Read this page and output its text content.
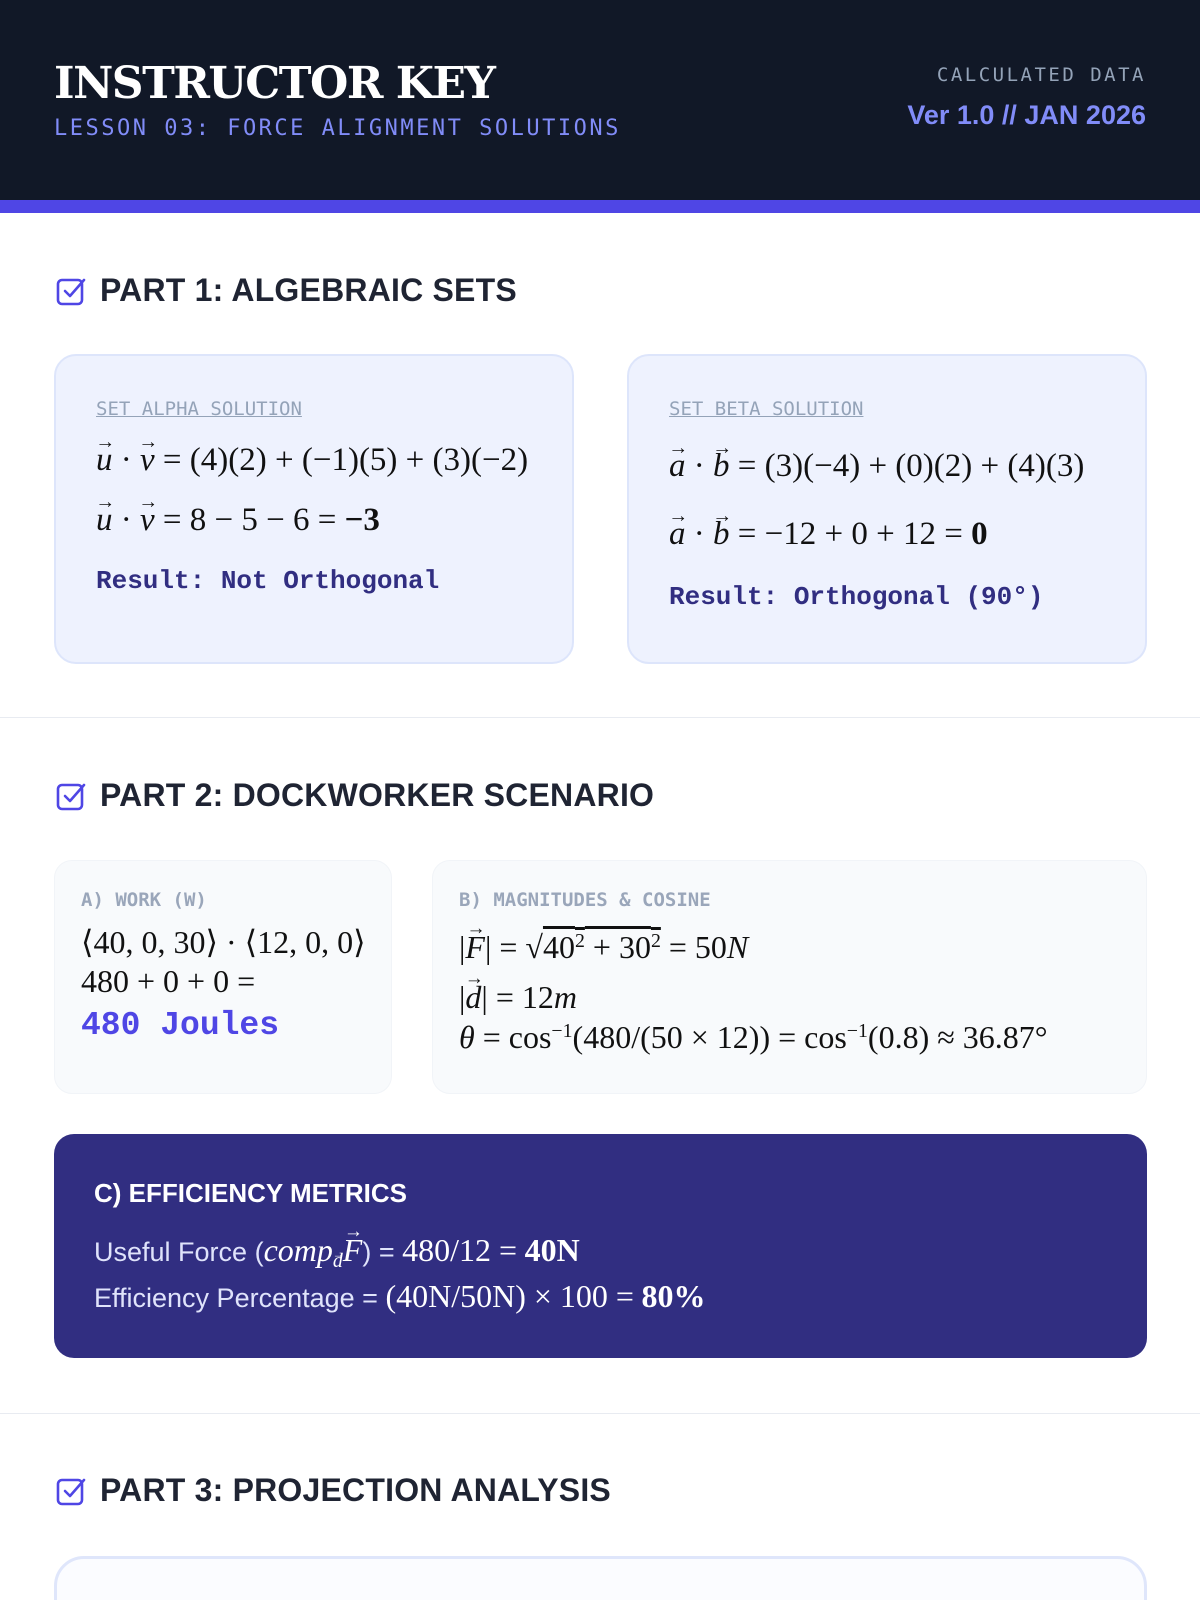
INSTRUCTOR KEY
LESSON 03: FORCE ALIGNMENT SOLUTIONS
CALCULATED DATA
Ver 1.0 // JAN 2026
PART 1: ALGEBRAIC SETS
SET ALPHA SOLUTION
→ u · → v = (4)(2) + (−1)(5) + (3)(−2)
→ u · → v = 8 − 5 − 6 = −3
Result: Not Orthogonal
SET BETA SOLUTION
→ a · → b = (3)(−4) + (0)(2) + (4)(3)
→ a · → b = −12 + 0 + 12 = 0
Result: Orthogonal (90°)
PART 2: DOCKWORKER SCENARIO
A) WORK (W)
⟨40, 0, 30⟩ · ⟨12, 0, 0⟩
480 + 0 + 0 =
480 Joules
B) MAGNITUDES & COSINE
|→ $F| = √40^2 + 30^2 = 50N$
|→ d| = 12m
$\theta = \cos^{-1}(480/(50 \times 12)) = \cos^{-1}(0.8) \approx 36.87^\circ$
C) EFFICIENCY METRICS
Useful Force (comp$_d$→ F) = 480/12 = 40N
Efficiency Percentage = (40N/50N) × 100 = 80%
PART 3: PROJECTION ANALYSIS
